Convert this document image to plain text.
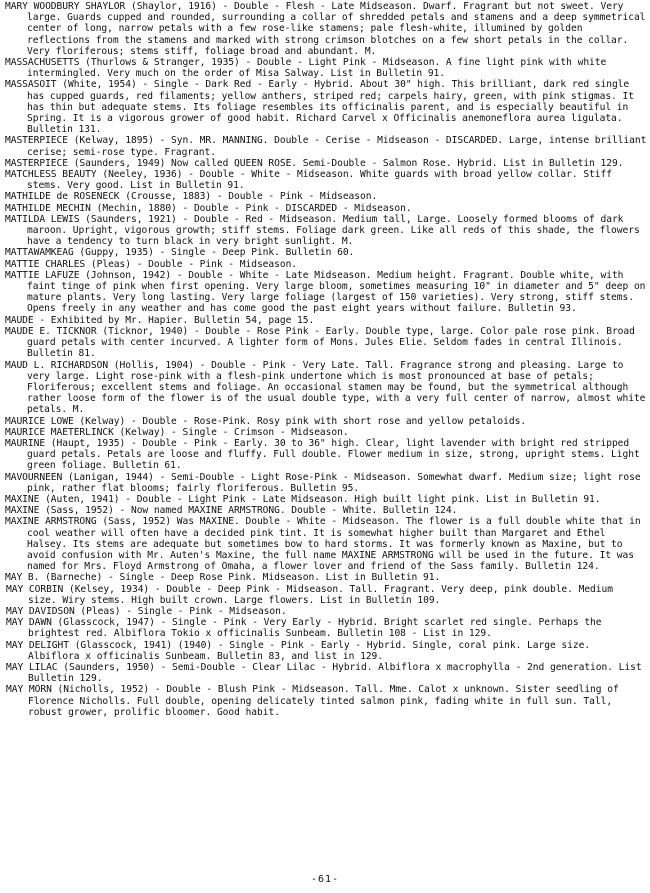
MARY WOODBURY SHAYLOR (Shaylor, 1916) - Double - Flesh - Late Midseason. Dwarf. Fragrant but not sweet. Very large. Guards cupped and rounded, surrounding a collar of shredded petals and stamens and a deep symmetrical center of long, narrow petals with a few rose-like stamens; pale flesh-white, illumined by golden reflections from the stamens and marked with strong crimson blotches on a few short petals in the collar. Very floriferous; stems stiff, foliage broad and abundant. M.

MASSACHUSETTS (Thurlows & Stranger, 1935) - Double - Light Pink - Midseason. A fine light pink with white intermingled. Very much on the order of Misa Salway. List in Bulletin 91.

MASSASOIT (White, 1954) - Single - Dark Red - Early - Hybrid. About 30" high. This brilliant, dark red single has cupped guards, red filaments; yellow anthers, striped red; carpels hairy, green, with pink stigmas. It has thin but adequate stems. Its foliage resembles its officinalis parent, and is especially beautiful in Spring. It is a vigorous grower of good habit. Richard Carvel x Officinalis anemoneflora aurea ligulata. Bulletin 131.

MASTERPIECE (Kelway, 1895) - Syn. MR. MANNING. Double - Cerise - Midseason - DISCARDED. Large, intense brilliant cerise; semi-rose type. Fragrant.

MASTERPIECE (Saunders, 1949) Now called QUEEN ROSE. Semi-Double - Salmon Rose. Hybrid. List in Bulletin 129.

MATCHLESS BEAUTY (Neeley, 1936) - Double - White - Midseason. White guards with broad yellow collar. Stiff stems. Very good. List in Bulletin 91.

MATHILDE de ROSENECK (Crousse, 1883) - Double - Pink - Midseason.

MATHILDE MECHIN (Mechin, 1880) - Double - Pink - DISCARDED - Midseason.

MATILDA LEWIS (Saunders, 1921) - Double - Red - Midseason. Medium tall, Large. Loosely formed blooms of dark maroon. Upright, vigorous growth; stiff stems. Foliage dark green. Like all reds of this shade, the flowers have a tendency to turn black in very bright sunlight. M.

MATTAWAMKEAG (Guppy, 1935) - Single - Deep Pink. Bulletin 60.

MATTIE CHARLES (Pleas) - Double - Pink - Midseason.

MATTIE LAFUZE (Johnson, 1942) - Double - White - Late Midseason. Medium height. Fragrant. Double white, with faint tinge of pink when first opening. Very large bloom, sometimes measuring 10" in diameter and 5" deep on mature plants. Very long lasting. Very large foliage (largest of 150 varieties). Very strong, stiff stems. Opens freely in any weather and has come good the past eight years without failure. Bulletin 93.

MAUDE - Exhibited by Mr. Hapier. Bulletin 54, page 15.

MAUDE E. TICKNOR (Ticknor, 1940) - Double - Rose Pink - Early. Double type, large. Color pale rose pink. Broad guard petals with center incurved. A lighter form of Mons. Jules Elie. Seldom fades in central Illinois. Bulletin 81.

MAUD L. RICHARDSON (Hollis, 1904) - Double - Pink - Very Late. Tall. Fragrance strong and pleasing. Large to very large. Light rose-pink with a flesh-pink undertone which is most pronounced at base of petals; Floriferous; excellent stems and foliage. An occasional stamen may be found, but the symmetrical although rather loose form of the flower is of the usual double type, with a very full center of narrow, almost white petals. M.

MAURICE LOWE (Kelway) - Double - Rose-Pink. Rosy pink with short rose and yellow petaloids.

MAURICE MAETERLINCK (Kelway) - Single - Crimson - Midseason.

MAURINE (Haupt, 1935) - Double - Pink - Early. 30 to 36" high. Clear, light lavender with bright red stripped guard petals. Petals are loose and fluffy. Full double. Flower medium in size, strong, upright stems. Light green foliage. Bulletin 61.

MAVOURNEEN (Lanigan, 1944) - Semi-Double - Light Rose-Pink - Midseason. Somewhat dwarf. Medium size; light rose pink, rather flat blooms; fairly floriferous. Bulletin 95.

MAXINE (Auten, 1941) - Double - Light Pink - Late Midseason. High built light pink. List in Bulletin 91.

MAXINE (Sass, 1952) - Now named MAXINE ARMSTRONG. Double - White. Bulletin 124.

MAXINE ARMSTRONG (Sass, 1952) Was MAXINE. Double - White - Midseason. The flower is a full double white that in cool weather will often have a decided pink tint. It is somewhat higher built than Margaret and Ethel Halsey. Its stems are adequate but sometimes bow to hard storms. It was formerly known as Maxine, but to avoid confusion with Mr. Auten's Maxine, the full name MAXINE ARMSTRONG will be used in the future. It was named for Mrs. Floyd Armstrong of Omaha, a flower lover and friend of the Sass family. Bulletin 124.

MAY B. (Barneche) - Single - Deep Rose Pink. Midseason. List in Bulletin 91.

MAY CORBIN (Kelsey, 1934) - Double - Deep Pink - Midseason. Tall. Fragrant. Very deep, pink double. Medium size. Wiry stems. High built crown. Large flowers. List in Bulletin 109.

MAY DAVIDSON (Pleas) - Single - Pink - Midseason.

MAY DAWN (Glasscock, 1947) - Single - Pink - Very Early - Hybrid. Bright scarlet red single. Perhaps the brightest red. Albiflora Tokio x officinalis Sunbeam. Bulletin 108 - List in 129.

MAY DELIGHT (Glasscock, 1941) (1940) - Single - Pink - Early - Hybrid. Single, coral pink. Large size. Albiflora x officinalis Sunbeam. Bulletin 83, and list in 129.

MAY LILAC (Saunders, 1950) - Semi-Double - Clear Lilac - Hybrid. Albiflora x macrophylla - 2nd generation. List Bulletin 129.

MAY MORN (Nicholls, 1952) - Double - Blush Pink - Midseason. Tall. Mme. Calot x unknown. Sister seedling of Florence Nicholls. Full double, opening delicately tinted salmon pink, fading white in full sun. Tall, robust grower, prolific bloomer. Good habit.

-61-
